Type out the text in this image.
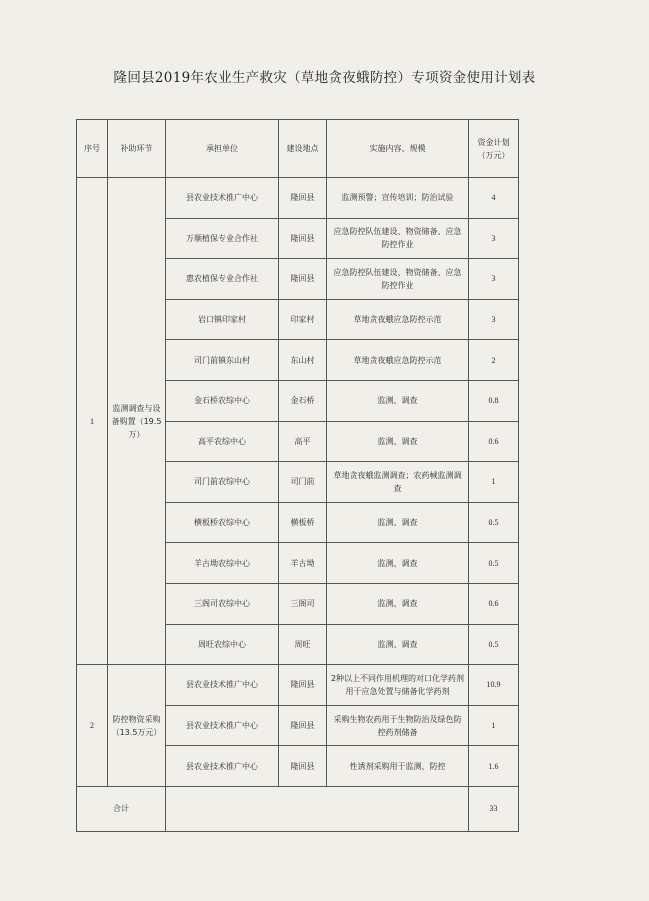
隆回县2019年农业生产救灾（草地贪夜蛾防控）专项资金使用计划表
序号	补助环节	承担单位	建设地点	实施内容、规模	资金计划
（万元）
1	监测调查与设备购置（19.5万）	县农业技术推广中心	隆回县	监测预警；宣传培训；防治试验	4
		万顺植保专业合作社	隆回县	应急防控队伍建设、物资储备、应急防控作业	3
		惠农植保专业合作社	隆回县	应急防控队伍建设、物资储备、应急防控作业	3
		岩口镇印家村	印家村	草地贪夜蛾应急防控示范	3
		司门前镇东山村	东山村	草地贪夜蛾应急防控示范	2
		金石桥农综中心	金石桥	监测、调查	0.8
		高平农综中心	高平	监测、调查	0.6
		司门前农综中心	司门前	草地贪夜蛾监测调查；农药械监测调查	1
		横板桥农综中心	横板桥	监测、调查	0.5
		羊古坳农综中心	羊古坳	监测、调查	0.5
		三阁司农综中心	三阁司	监测、调查	0.6
		周旺农综中心	周旺	监测、调查	0.5
2	防控物资采购（13.5万元）	县农业技术推广中心	隆回县	2种以上不同作用机理的对口化学药剂用于应急处置与储备化学药剂	10.9
		县农业技术推广中心	隆回县	采购生物农药用于生物防治及绿色防控药剂储备	1
		县农业技术推广中心	隆回县	性诱剂采购用于监测、防控	1.6
合计					33
